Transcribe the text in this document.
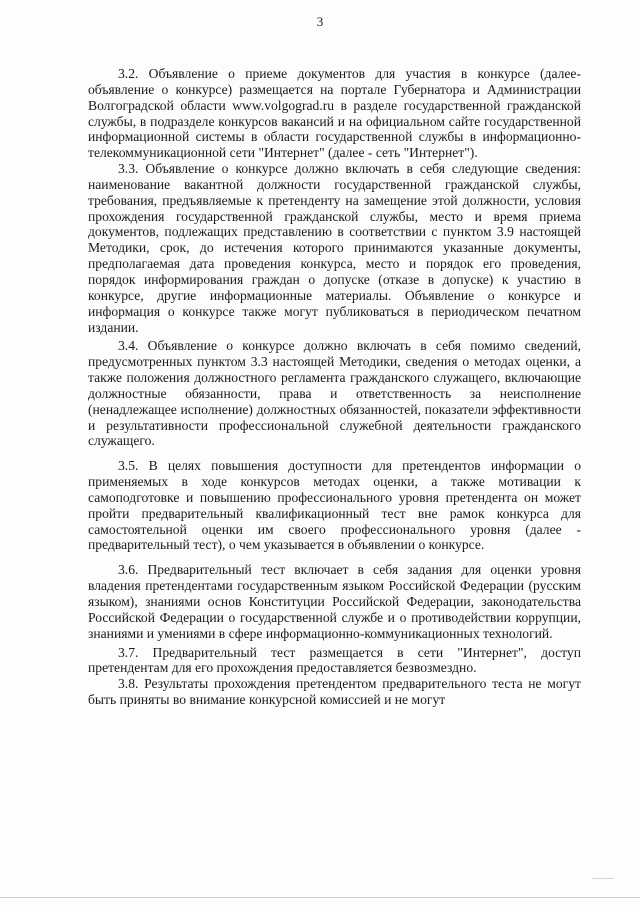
3

3.2. Объявление о приеме документов для участия в конкурсе (далее-объявление о конкурсе) размещается на портале Губернатора и Администрации Волгоградской области www.volgograd.ru в разделе государственной гражданской службы, в подразделе конкурсов вакансий и на официальном сайте государственной информационной системы в области государственной службы в информационно-телекоммуникационной сети "Интернет" (далее - сеть "Интернет").

3.3. Объявление о конкурсе должно включать в себя следующие сведения: наименование вакантной должности государственной гражданской службы, требования, предъявляемые к претенденту на замещение этой должности, условия прохождения государственной гражданской службы, место и время приема документов, подлежащих представлению в соответствии с пунктом 3.9 настоящей Методики, срок, до истечения которого принимаются указанные документы, предполагаемая дата проведения конкурса, место и порядок его проведения, порядок информирования граждан о допуске (отказе в допуске) к участию в конкурсе, другие информационные материалы. Объявление о конкурсе и информация о конкурсе также могут публиковаться в периодическом печатном издании.

3.4. Объявление о конкурсе должно включать в себя помимо сведений, предусмотренных пунктом 3.3 настоящей Методики, сведения о методах оценки, а также положения должностного регламента гражданского служащего, включающие должностные обязанности, права и ответственность за неисполнение (ненадлежащее исполнение) должностных обязанностей, показатели эффективности и результативности профессиональной служебной деятельности гражданского служащего.

3.5. В целях повышения доступности для претендентов информации о применяемых в ходе конкурсов методах оценки, а также мотивации к самоподготовке и повышению профессионального уровня претендента он может пройти предварительный квалификационный тест вне рамок конкурса для самостоятельной оценки им своего профессионального уровня (далее - предварительный тест), о чем указывается в объявлении о конкурсе.

3.6. Предварительный тест включает в себя задания для оценки уровня владения претендентами государственным языком Российской Федерации (русским языком), знаниями основ Конституции Российской Федерации, законодательства Российской Федерации о государственной службе и о противодействии коррупции, знаниями и умениями в сфере информационно-коммуникационных технологий.

3.7. Предварительный тест размещается в сети "Интернет", доступ претендентам для его прохождения предоставляется безвозмездно.

3.8. Результаты прохождения претендентом предварительного теста не могут быть приняты во внимание конкурсной комиссией и не могут
